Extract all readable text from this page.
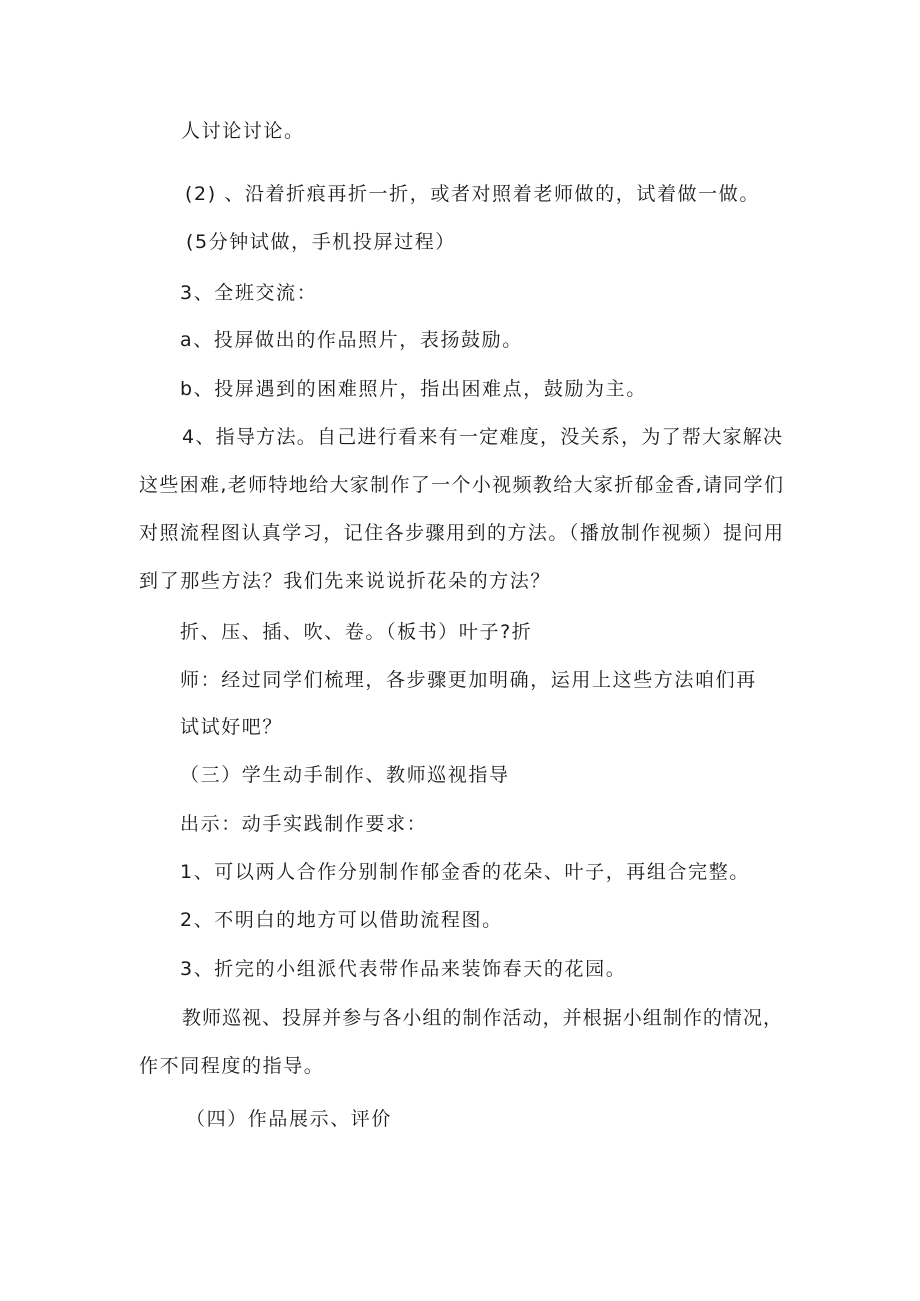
人讨论讨论。
(2) 、沿着折痕再折一折，或者对照着老师做的，试着做一做。
(5分钟试做，手机投屏过程）
3、全班交流：
a、投屏做出的作品照片，表扬鼓励。
b、投屏遇到的困难照片，指出困难点，鼓励为主。
4、指导方法。自己进行看来有一定难度，没关系，为了帮大家解决
这些困难,老师特地给大家制作了一个小视频教给大家折郁金香,请同学们
对照流程图认真学习，记住各步骤用到的方法。（播放制作视频）提问用
到了那些方法？我们先来说说折花朵的方法？
折、压、插、吹、卷。（板书）叶子?折
师：经过同学们梳理，各步骤更加明确，运用上这些方法咱们再
试试好吧？
（三）学生动手制作、教师巡视指导
出示：动手实践制作要求：
1、可以两人合作分别制作郁金香的花朵、叶子，再组合完整。
2、不明白的地方可以借助流程图。
3、折完的小组派代表带作品来装饰春天的花园。
教师巡视、投屏并参与各小组的制作活动，并根据小组制作的情况，
作不同程度的指导。
（四）作品展示、评价
